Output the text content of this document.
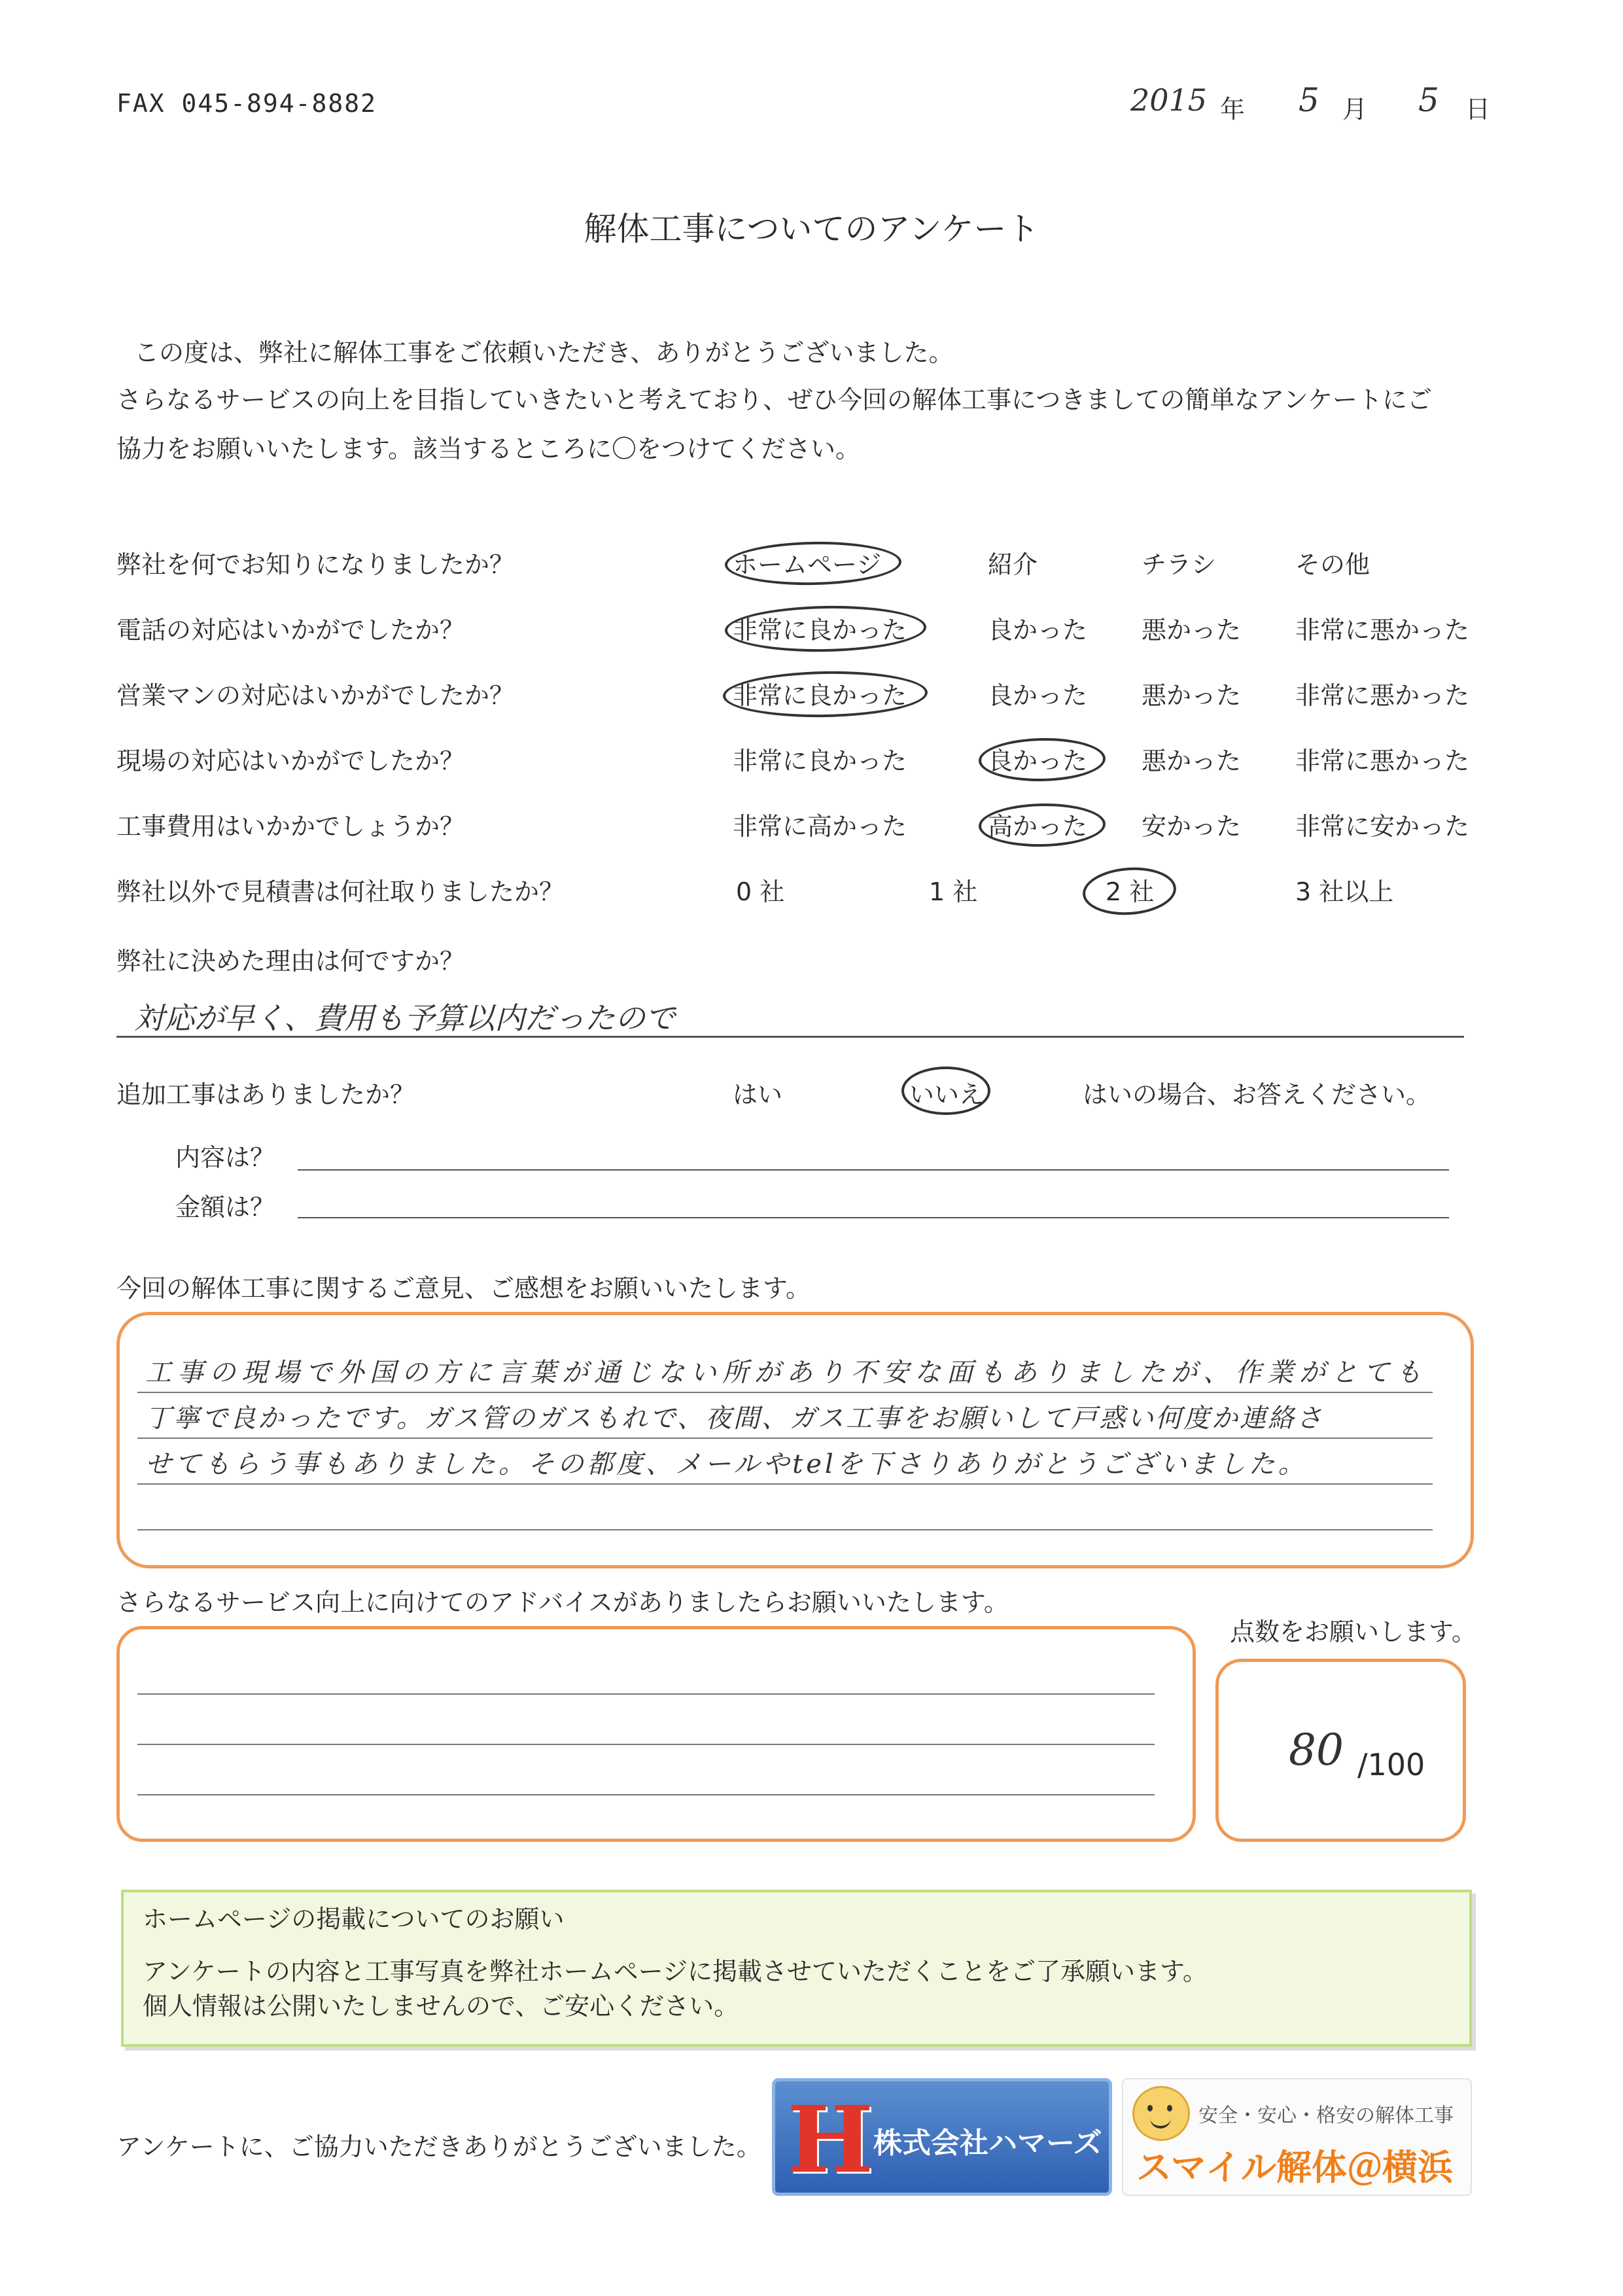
FAX 045-894-8882	2015 年 5 月 5 日
解体工事についてのアンケート
この度は、弊社に解体工事をご依頼いただき、ありがとうございました。
さらなるサービスの向上を目指していきたいと考えており、ぜひ今回の解体工事につきましての簡単なアンケートにご
協力をお願いいたします。該当するところに〇をつけてください。
弊社を何でお知りになりましたか？	ホームページ	紹介	チラシ	その他
電話の対応はいかがでしたか？	非常に良かった	良かった 悪かった 非常に悪かった
営業マンの対応はいかがでしたか？	非常に良かった	良かった 悪かった 非常に悪かった
現場の対応はいかがでしたか？	非常に良かった	良かった 悪かった 非常に悪かった
工事費用はいかかでしょうか？	非常に高かった	高かった 安かった 非常に安かった
弊社以外で見積書は何社取りましたか？	0 社	1 社	2 社	3 社以上
弊社に決めた理由は何ですか？
対応が早く、費用も予算以内だったので
追加工事はありましたか？	はい	いいえ	はいの場合、お答えください。
内容は？
金額は？
今回の解体工事に関するご意見、ご感想をお願いいたします。
工事の現場で外国の方に言葉が通じない所があり不安な面もありましたが、作業がとても
丁寧で良かったです。ガス管のガスもれで、夜間、ガス工事をお願いして戸惑い何度か連絡さ
せてもらう事もありました。その都度、メールやtelを下さりありがとうございました。
さらなるサービス向上に向けてのアドバイスがありましたらお願いいたします。
点数をお願いします。
80 /100
ホームページの掲載についてのお願い
アンケートの内容と工事写真を弊社ホームページに掲載させていただくことをご了承願います。
個人情報は公開いたしませんので、ご安心ください。
アンケートに、ご協力いただきありがとうございました。 H 株式会社ハマーズ
安全・安心・格安の解体工事
スマイル解体＠横浜
